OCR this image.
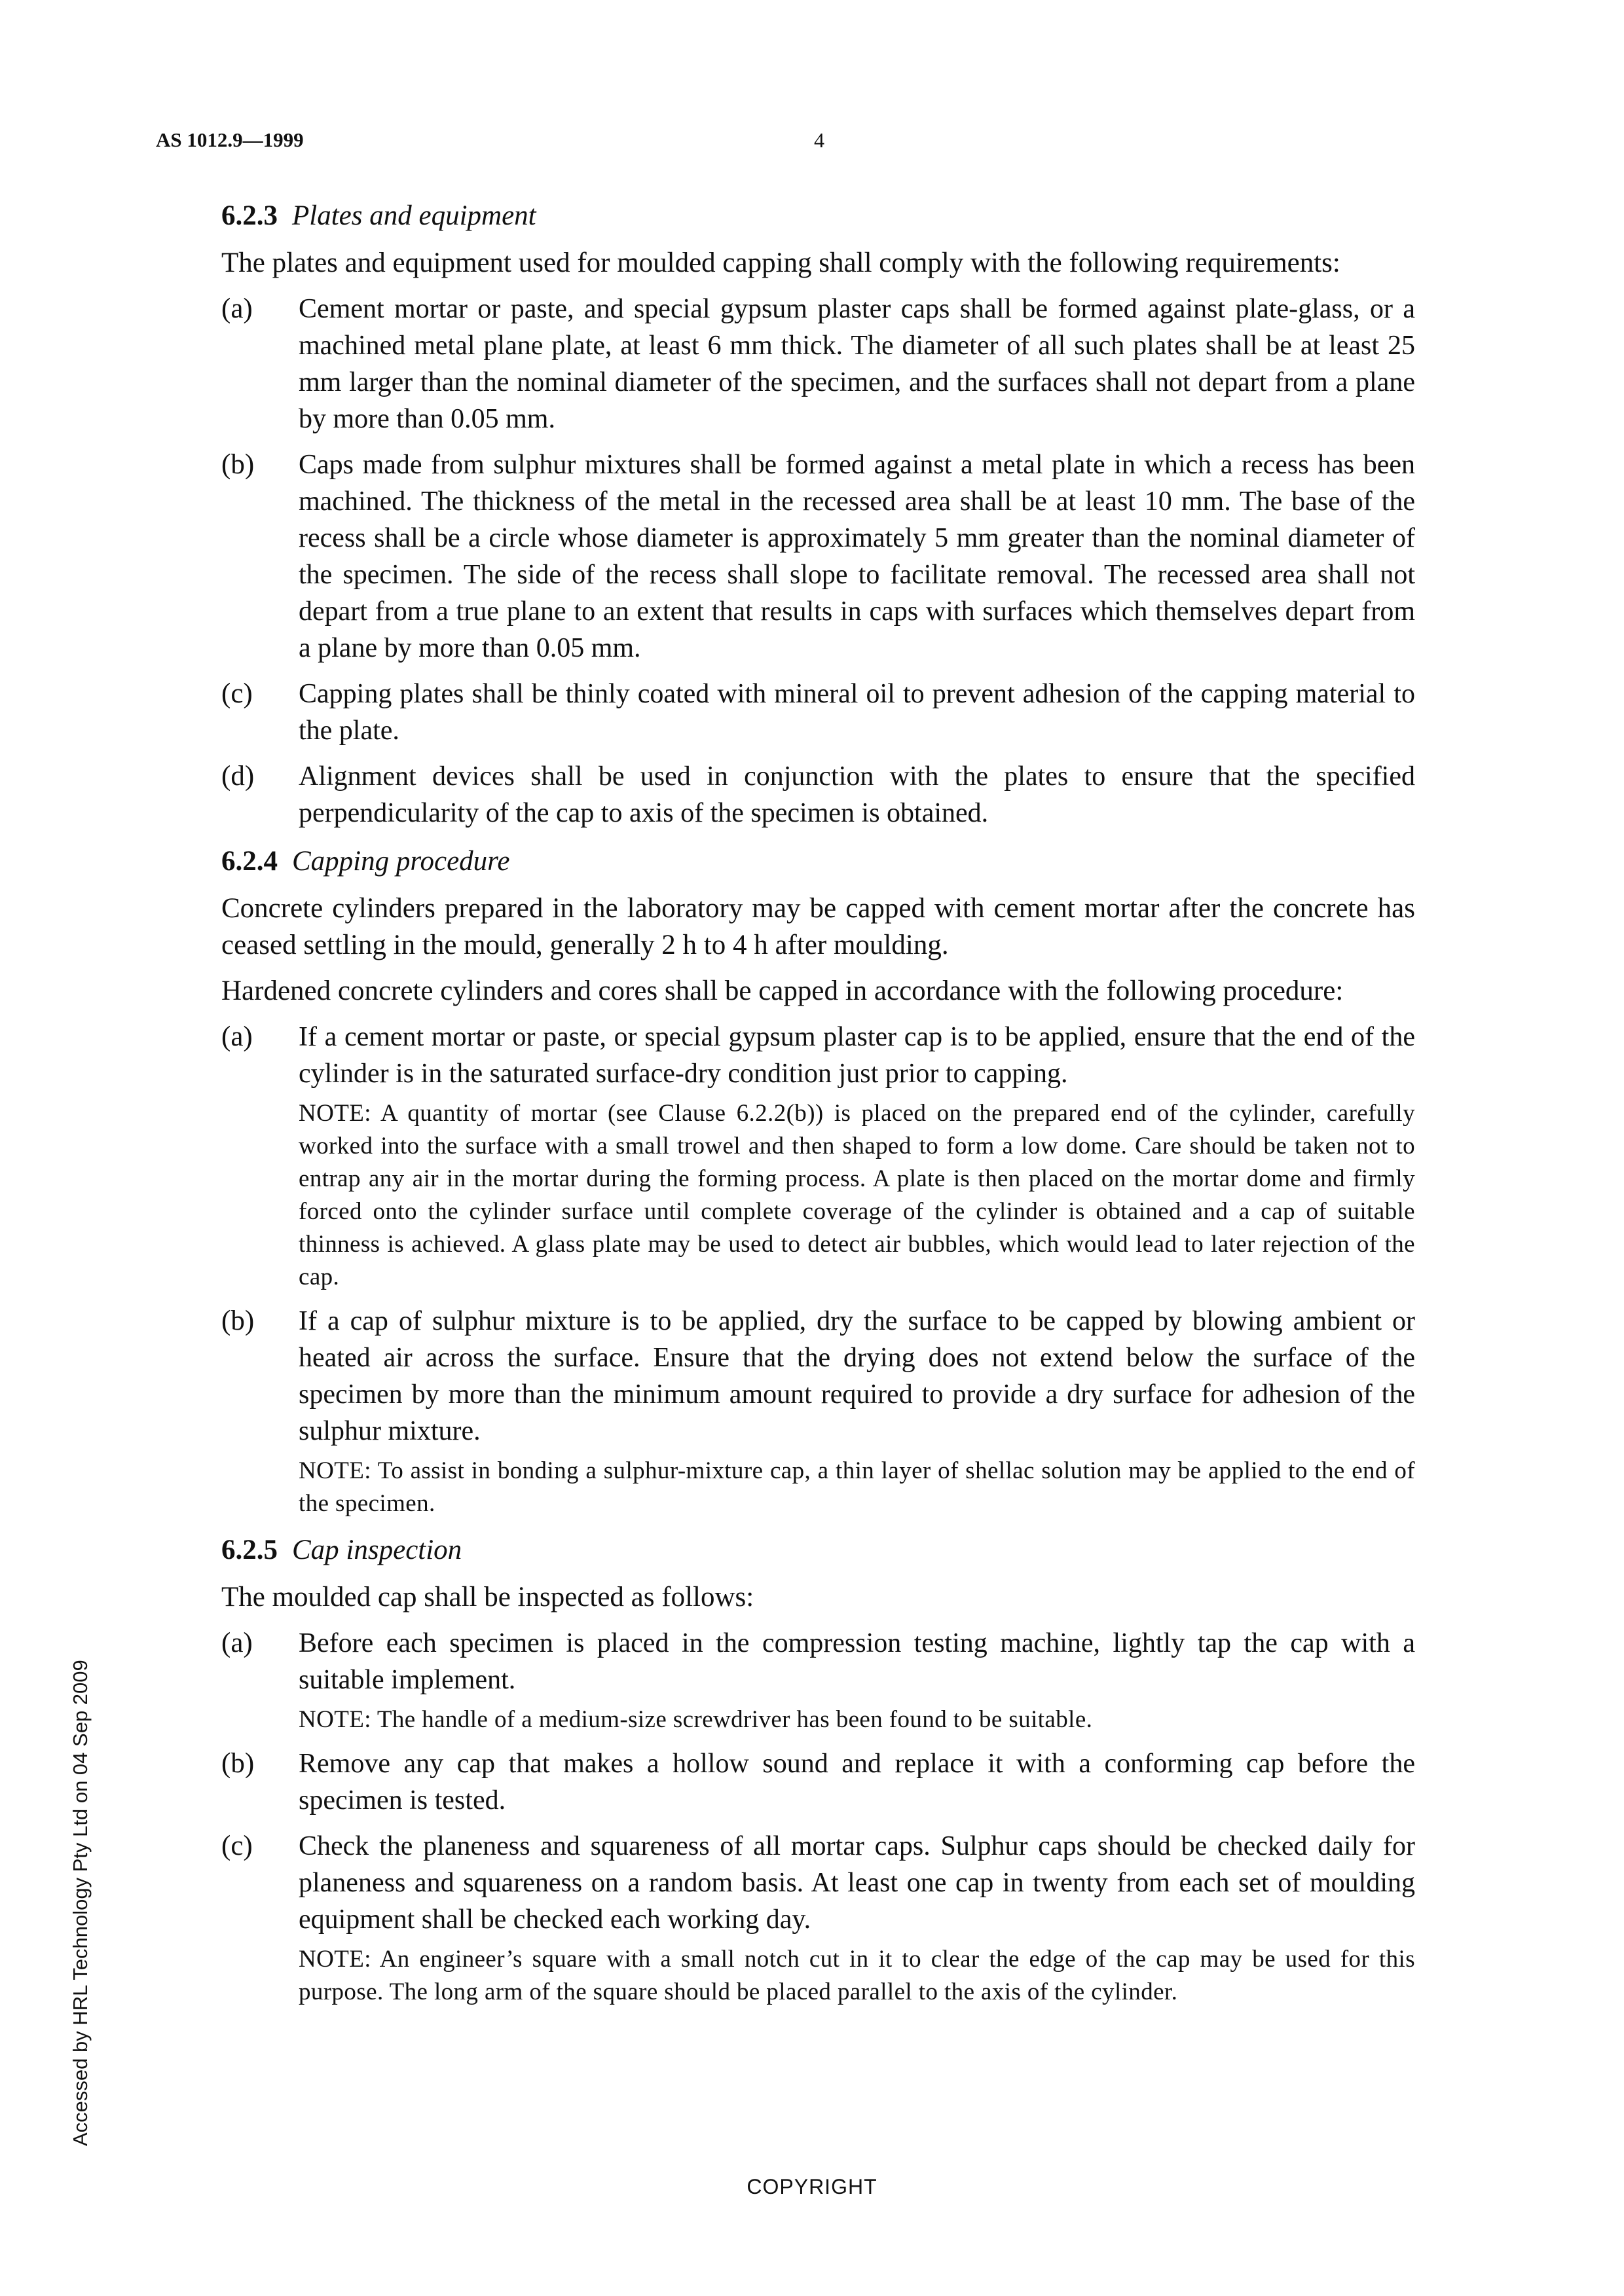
AS 1012.9—1999	4
6.2.3 Plates and equipment

The plates and equipment used for moulded capping shall comply with the following requirements:

(a)	Cement mortar or paste, and special gypsum plaster caps shall be formed against plate-glass, or a machined metal plane plate, at least 6 mm thick. The diameter of all such plates shall be at least 25 mm larger than the nominal diameter of the specimen, and the surfaces shall not depart from a plane by more than 0.05 mm.

(b)	Caps made from sulphur mixtures shall be formed against a metal plate in which a recess has been machined. The thickness of the metal in the recessed area shall be at least 10 mm. The base of the recess shall be a circle whose diameter is approximately 5 mm greater than the nominal diameter of the specimen. The side of the recess shall slope to facilitate removal. The recessed area shall not depart from a true plane to an extent that results in caps with surfaces which themselves depart from a plane by more than 0.05 mm.

(c)	Capping plates shall be thinly coated with mineral oil to prevent adhesion of the capping material to the plate.

(d)	Alignment devices shall be used in conjunction with the plates to ensure that the specified perpendicularity of the cap to axis of the specimen is obtained.

6.2.4 Capping procedure

Concrete cylinders prepared in the laboratory may be capped with cement mortar after the concrete has ceased settling in the mould, generally 2 h to 4 h after moulding.

Hardened concrete cylinders and cores shall be capped in accordance with the following procedure:

(a)	If a cement mortar or paste, or special gypsum plaster cap is to be applied, ensure that the end of the cylinder is in the saturated surface-dry condition just prior to capping.

NOTE: A quantity of mortar (see Clause 6.2.2(b)) is placed on the prepared end of the cylinder, carefully worked into the surface with a small trowel and then shaped to form a low dome. Care should be taken not to entrap any air in the mortar during the forming process. A plate is then placed on the mortar dome and firmly forced onto the cylinder surface until complete coverage of the cylinder is obtained and a cap of suitable thinness is achieved. A glass plate may be used to detect air bubbles, which would lead to later rejection of the cap.

(b)	If a cap of sulphur mixture is to be applied, dry the surface to be capped by blowing ambient or heated air across the surface. Ensure that the drying does not extend below the surface of the specimen by more than the minimum amount required to provide a dry surface for adhesion of the sulphur mixture.

NOTE: To assist in bonding a sulphur-mixture cap, a thin layer of shellac solution may be applied to the end of the specimen.

6.2.5 Cap inspection

The moulded cap shall be inspected as follows:

(a)	Before each specimen is placed in the compression testing machine, lightly tap the cap with a suitable implement.

NOTE: The handle of a medium-size screwdriver has been found to be suitable.

(b)	Remove any cap that makes a hollow sound and replace it with a conforming cap before the specimen is tested.

(c)	Check the planeness and squareness of all mortar caps. Sulphur caps should be checked daily for planeness and squareness on a random basis. At least one cap in twenty from each set of moulding equipment shall be checked each working day.

NOTE: An engineer’s square with a small notch cut in it to clear the edge of the cap may be used for this purpose. The long arm of the square should be placed parallel to the axis of the cylinder.

Accessed by HRL Technology Pty Ltd on 04 Sep 2009
COPYRIGHT
